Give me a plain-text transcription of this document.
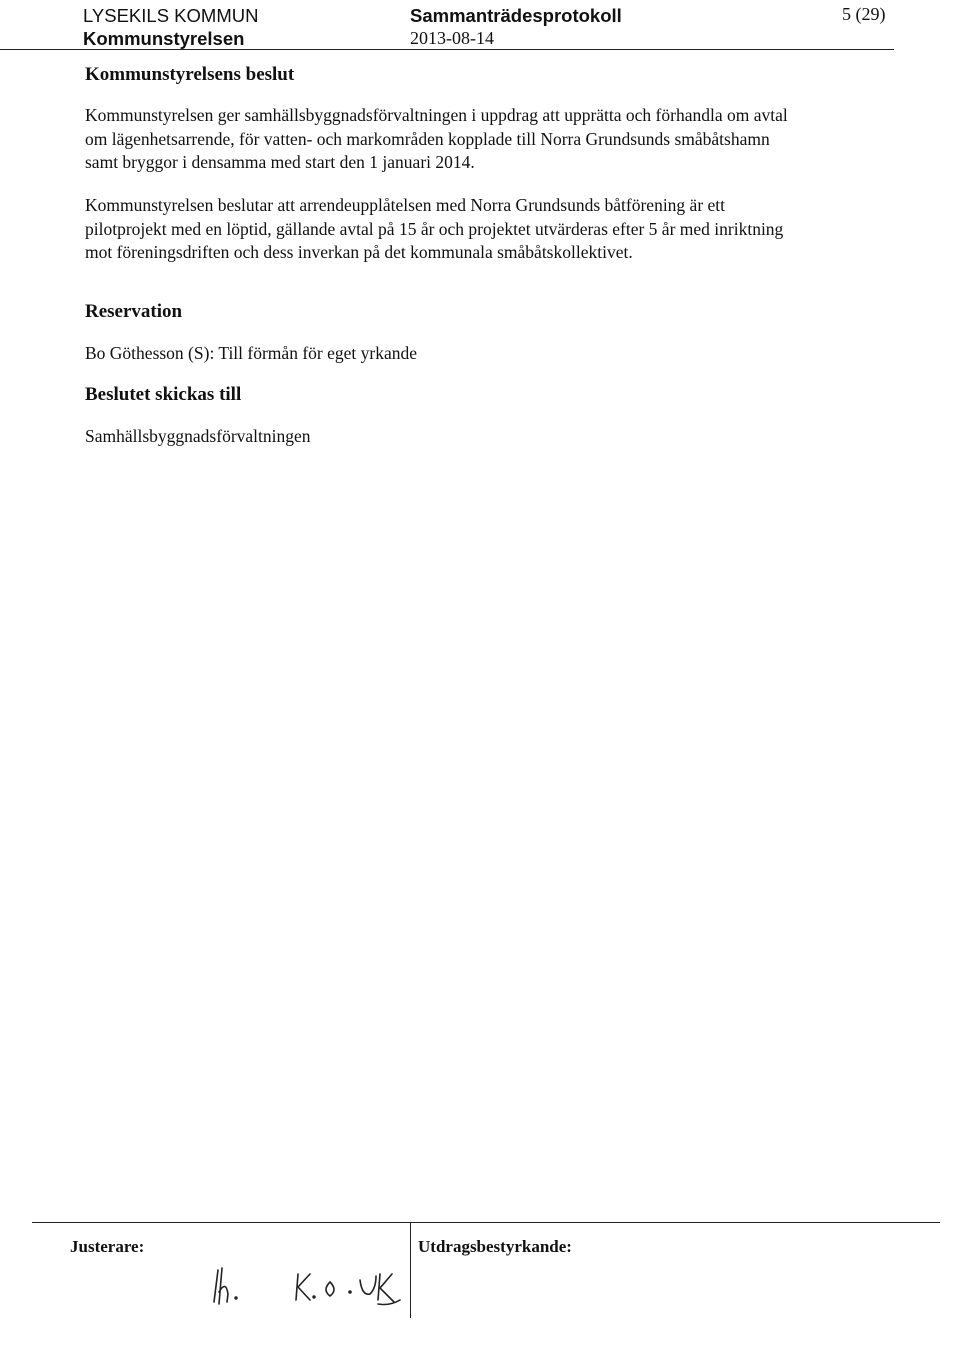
LYSEKILS KOMMUN
Kommunstyrelsen
Sammanträdesprotokoll
2013-08-14
5 (29)
Kommunstyrelsens beslut

Kommunstyrelsen ger samhällsbyggnadsförvaltningen i uppdrag att upprätta och förhandla om avtal om lägenhetsarrende, för vatten- och markområden kopplade till Norra Grundsunds småbåtshamn samt bryggor i densamma med start den 1 januari 2014.

Kommunstyrelsen beslutar att arrendeupplåtelsen med Norra Grundsunds båtförening är ett pilotprojekt med en löptid, gällande avtal på 15 år och projektet utvärderas efter 5 år med inriktning mot föreningsdriften och dess inverkan på det kommunala småbåtskollektivet.

Reservation

Bo Göthesson (S): Till förmån för eget yrkande

Beslutet skickas till

Samhällsbyggnadsförvaltningen

Justerare:	Utdragsbestyrkande:
